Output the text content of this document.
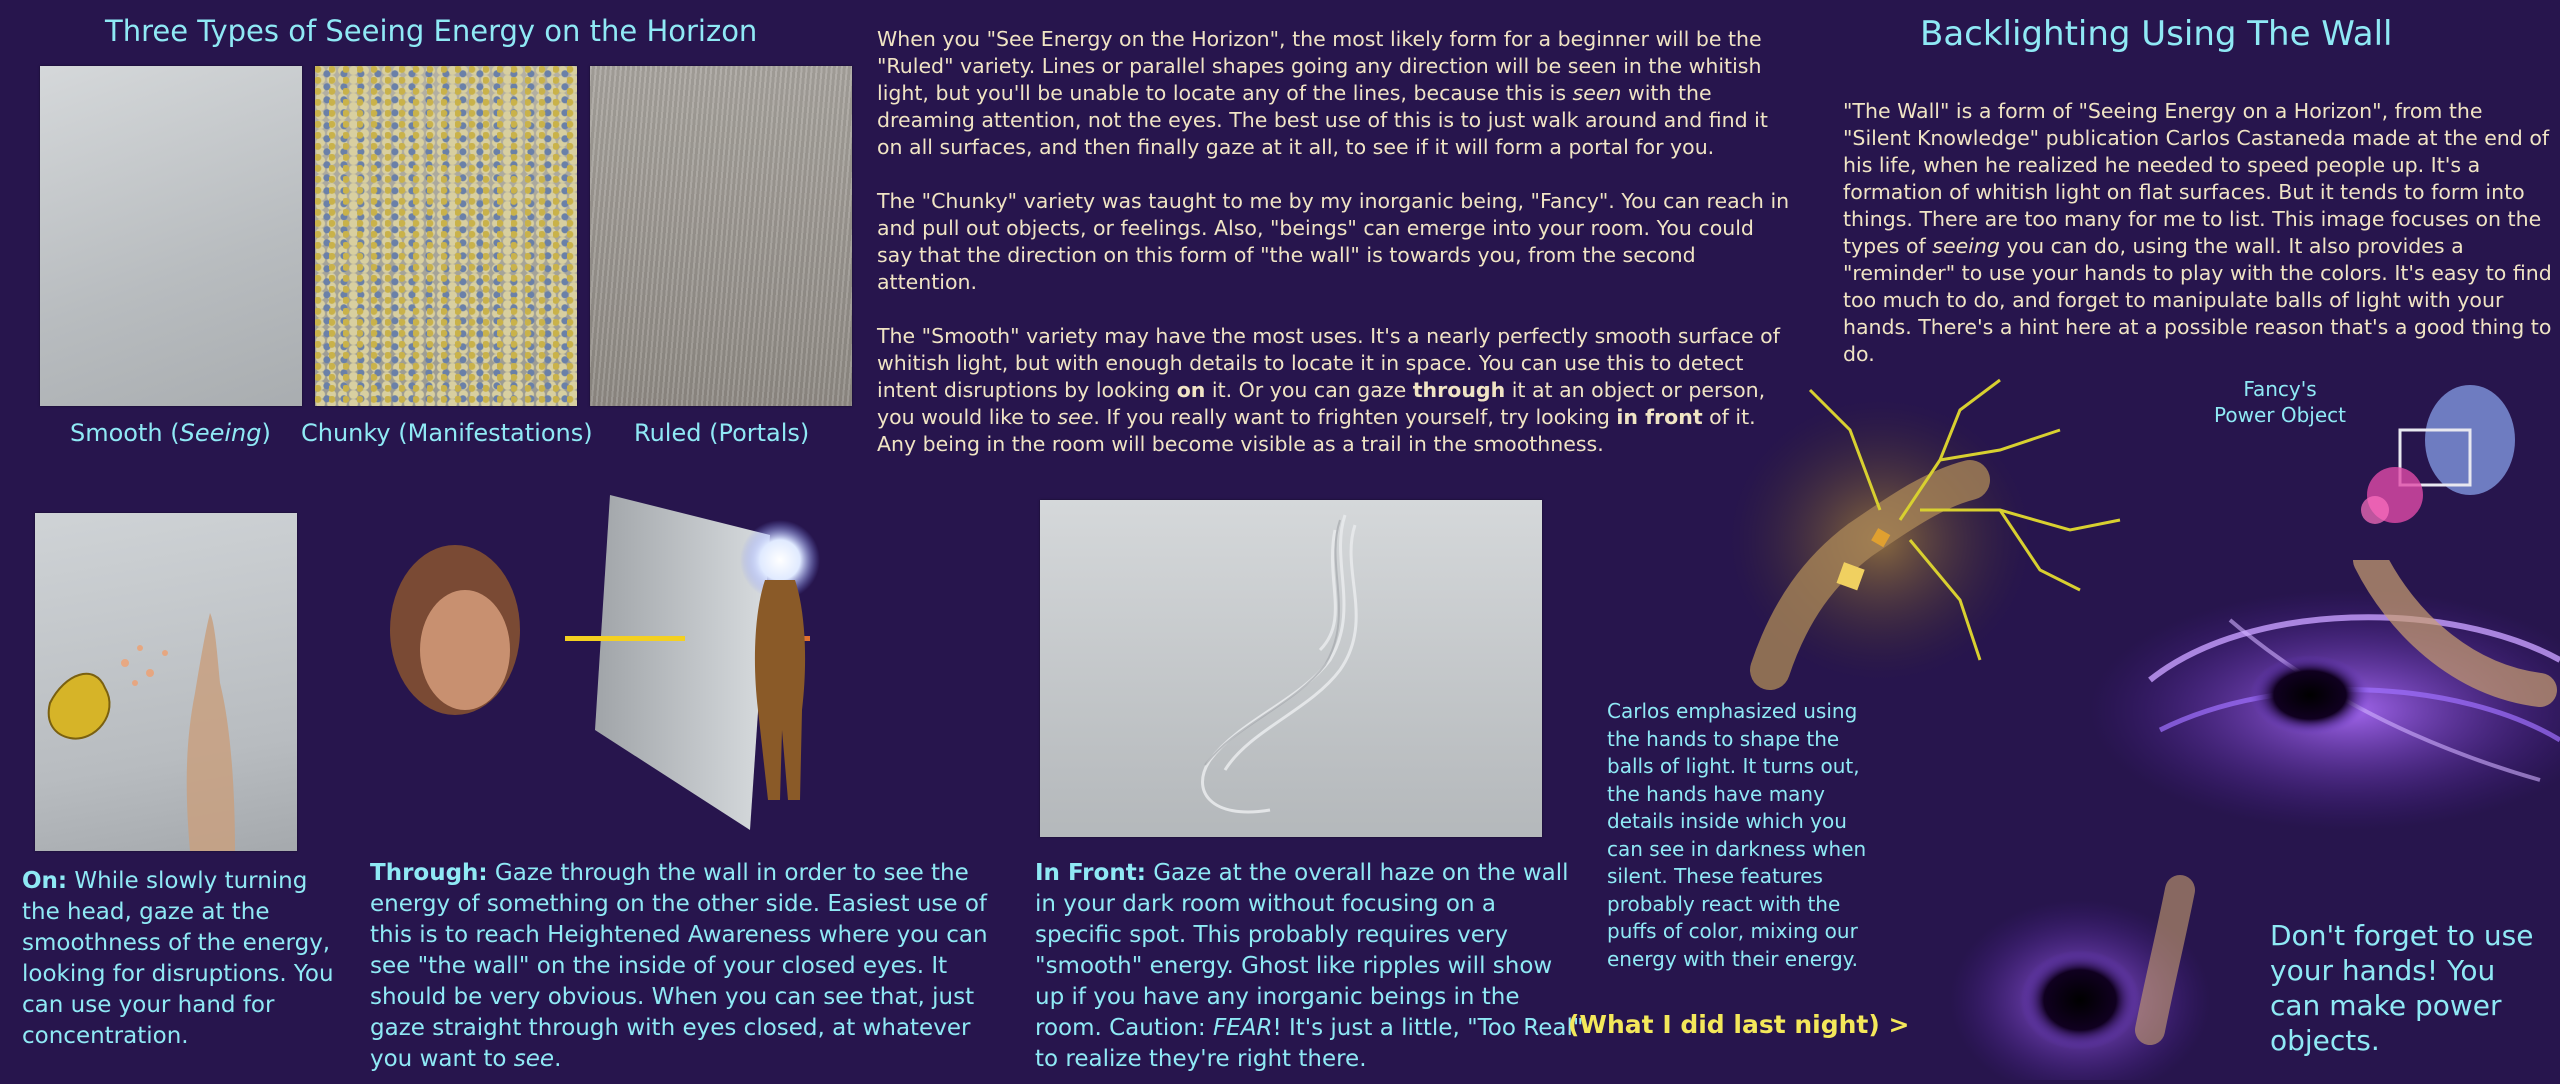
Three Types of Seeing Energy on the Horizon	Backlighting Using The Wall
Smooth (Seeing) Chunky (Manifestations) Ruled (Portals)

When you "See Energy on the Horizon", the most likely form for a beginner will be the "Ruled" variety. Lines or parallel shapes going any direction will be seen in the whitish light, but you'll be unable to locate any of the lines, because this is seen with the dreaming attention, not the eyes. The best use of this is to just walk around and find it on all surfaces, and then finally gaze at it all, to see if it will form a portal for you.

The "Chunky" variety was taught to me by my inorganic being, "Fancy". You can reach in and pull out objects, or feelings. Also, "beings" can emerge into your room. You could say that the direction on this form of "the wall" is towards you, from the second attention.

The "Smooth" variety may have the most uses. It's a nearly perfectly smooth surface of whitish light, but with enough details to locate it in space. You can use this to detect intent disruptions by looking on it. Or you can gaze through it at an object or person, you would like to see. If you really want to frighten yourself, try looking in front of it. Any being in the room will become visible as a trail in the smoothness.

"The Wall" is a form of "Seeing Energy on a Horizon", from the "Silent Knowledge" publication Carlos Castaneda made at the end of his life, when he realized he needed to speed people up. It's a formation of whitish light on flat surfaces. But it tends to form into things. There are too many for me to list. This image focuses on the types of seeing you can do, using the wall. It also provides a "reminder" to use your hands to play with the colors. It's easy to find too much to do, and forget to manipulate balls of light with your hands. There's a hint here at a possible reason that's a good thing to do.
Fancy's Power Object
On: While slowly turning the head, gaze at the smoothness of the energy, looking for disruptions. You can use your hand for concentration.
Through: Gaze through the wall in order to see the energy of something on the other side. Easiest use of this is to reach Heightened Awareness where you can see "the wall" on the inside of your closed eyes. It should be very obvious. When you can see that, just gaze straight through with eyes closed, at whatever you want to see.
In Front: Gaze at the overall haze on the wall in your dark room without focusing on a specific spot. This probably requires very "smooth" energy. Ghost like ripples will show up if you have any inorganic beings in the room. Caution: FEAR! It's just a little, "Too Real" to realize they're right there.
Carlos emphasized using the hands to shape the balls of light. It turns out, the hands have many details inside which you can see in darkness when silent. These features probably react with the puffs of color, mixing our energy with their energy.
(What I did last night) >
Don't forget to use your hands! You can make power objects.
